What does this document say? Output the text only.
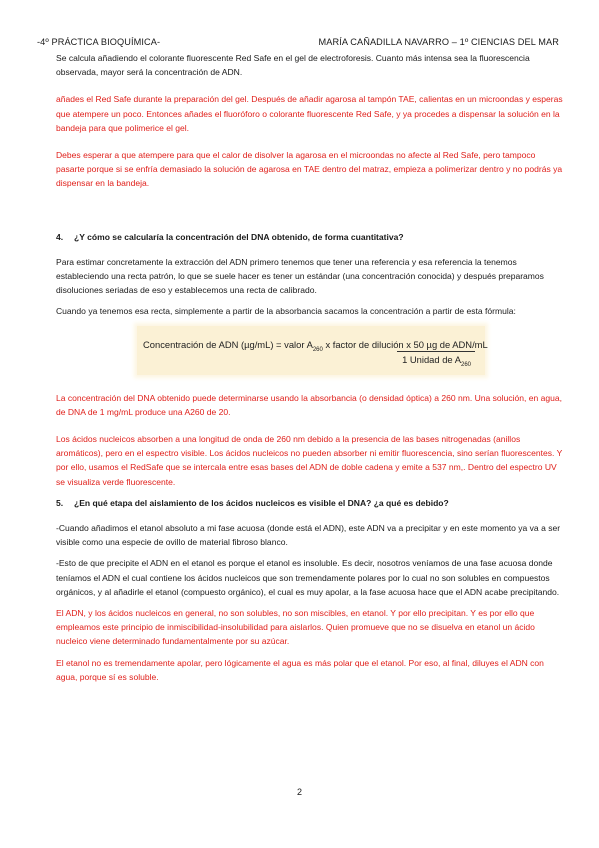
-4º PRÁCTICA BIOQUÍMICA-	MARÍA CAÑADILLA NAVARRO – 1º CIENCIAS DEL MAR

Se calcula añadiendo el colorante fluorescente Red Safe en el gel de electroforesis. Cuanto más intensa sea la fluorescencia observada, mayor será la concentración de ADN.

añades el Red Safe durante la preparación del gel. Después de añadir agarosa al tampón TAE, calientas en un microondas y esperas que atempere un poco. Entonces añades el fluoróforo o colorante fluorescente Red Safe, y ya procedes a dispensar la solución en la bandeja para que polimerice el gel.

Debes esperar a que atempere para que el calor de disolver la agarosa en el microondas no afecte al Red Safe, pero tampoco pasarte porque si se enfría demasiado la solución de agarosa en TAE dentro del matraz, empieza a polimerizar dentro y no podrás ya dispensar en la bandeja.

4. ¿Y cómo se calcularía la concentración del DNA obtenido, de forma cuantitativa?

Para estimar concretamente la extracción del ADN primero tenemos que tener una referencia y esa referencia la tenemos estableciendo una recta patrón, lo que se suele hacer es tener un estándar (una concentración conocida) y después preparamos disoluciones seriadas de eso y establecemos una recta de calibrado.

Cuando ya tenemos esa recta, simplemente a partir de la absorbancia sacamos la concentración a partir de esta fórmula:

Concentración de ADN (µg/mL) = valor $A_{260}$ x factor de dilución x 50 µg de ADN/mL
1 Unidad de $A_{260}$

La concentración del DNA obtenido puede determinarse usando la absorbancia (o densidad óptica) a 260 nm. Una solución, en agua, de DNA de 1 mg/mL produce una A260 de 20.

Los ácidos nucleicos absorben a una longitud de onda de 260 nm debido a la presencia de las bases nitrogenadas (anillos aromáticos), pero en el espectro visible. Los ácidos nucleicos no pueden absorber ni emitir fluorescencia, sino serían fluorescentes. Y por ello, usamos el RedSafe que se intercala entre esas bases del ADN de doble cadena y emite a 537 nm,. Dentro del espectro UV se visualiza verde fluorescente.

5. ¿En qué etapa del aislamiento de los ácidos nucleicos es visible el DNA? ¿a qué es debido?

-Cuando añadimos el etanol absoluto a mi fase acuosa (donde está el ADN), este ADN va a precipitar y en este momento ya va a ser visible como una especie de ovillo de material fibroso blanco.

-Esto de que precipite el ADN en el etanol es porque el etanol es insoluble. Es decir, nosotros veníamos de una fase acuosa donde teníamos el ADN el cual contiene los ácidos nucleicos que son tremendamente polares por lo cual no son solubles en compuestos orgánicos, y al añadirle el etanol (compuesto orgánico), el cual es muy apolar, a la fase acuosa hace que el ADN acabe precipitando.

El ADN, y los ácidos nucleicos en general, no son solubles, no son miscibles, en etanol. Y por ello precipitan. Y es por ello que empleamos este principio de inmiscibilidad-insolubilidad para aislarlos. Quien promueve que no se disuelva en etanol un ácido nucleico viene determinado fundamentalmente por su azúcar.

El etanol no es tremendamente apolar, pero lógicamente el agua es más polar que el etanol. Por eso, al final, diluyes el ADN con agua, porque sí es soluble.

2
